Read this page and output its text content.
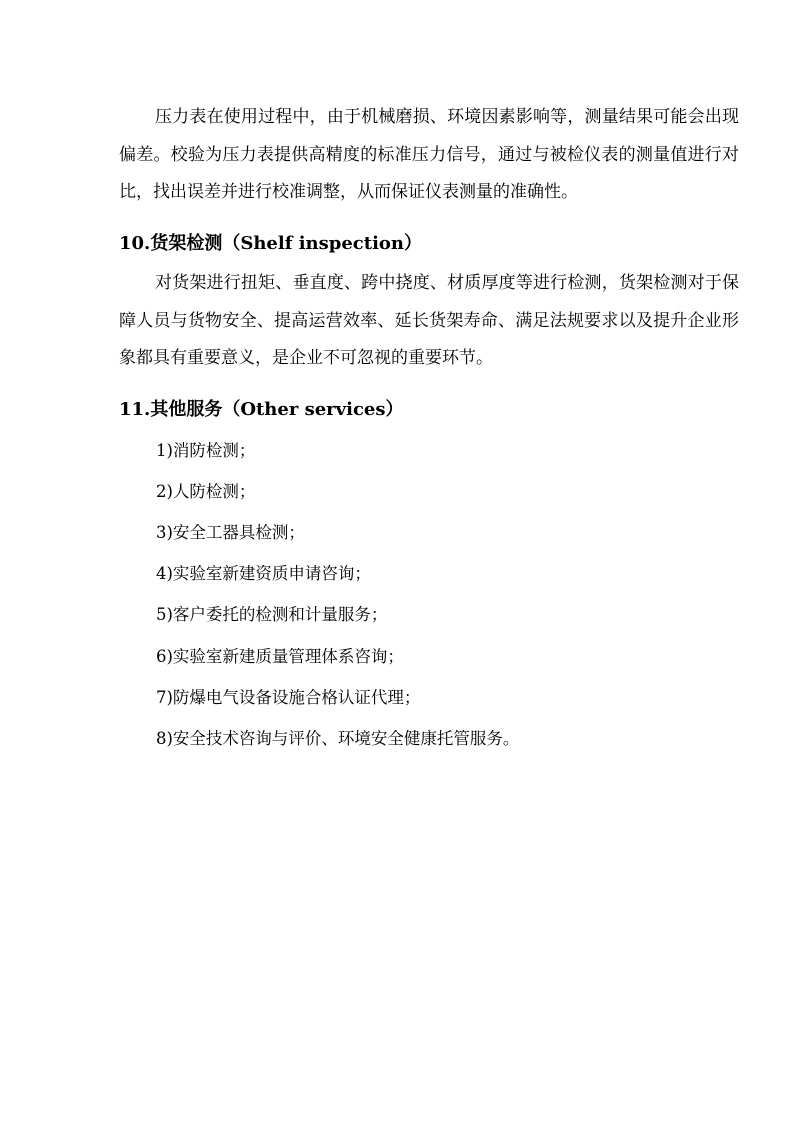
压力表在使用过程中，由于机械磨损、环境因素影响等，测量结果可能会出现偏差。校验为压力表提供高精度的标准压力信号，通过与被检仪表的测量值进行对比，找出误差并进行校准调整，从而保证仪表测量的准确性。

10.货架检测（Shelf inspection）

对货架进行扭矩、垂直度、跨中挠度、材质厚度等进行检测，货架检测对于保障人员与货物安全、提高运营效率、延长货架寿命、满足法规要求以及提升企业形象都具有重要意义，是企业不可忽视的重要环节。

11.其他服务（Other services）

1)消防检测；

2)人防检测；

3)安全工器具检测；

4)实验室新建资质申请咨询；

5)客户委托的检测和计量服务；

6)实验室新建质量管理体系咨询；

7)防爆电气设备设施合格认证代理；

8)安全技术咨询与评价、环境安全健康托管服务。
